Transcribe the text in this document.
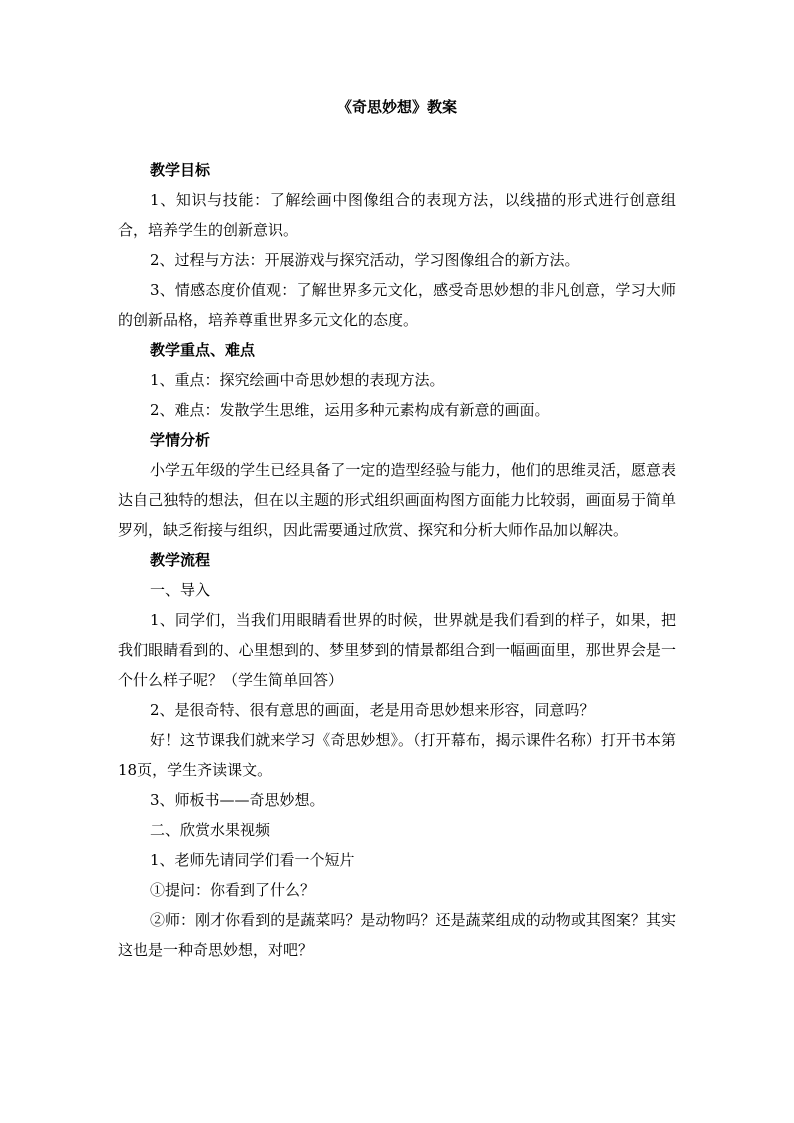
《奇思妙想》教案

教学目标

1、知识与技能：了解绘画中图像组合的表现方法，以线描的形式进行创意组合，培养学生的创新意识。

2、过程与方法：开展游戏与探究活动，学习图像组合的新方法。

3、情感态度价值观：了解世界多元文化，感受奇思妙想的非凡创意，学习大师的创新品格，培养尊重世界多元文化的态度。

教学重点、难点

1、重点：探究绘画中奇思妙想的表现方法。

2、难点：发散学生思维，运用多种元素构成有新意的画面。

学情分析

小学五年级的学生已经具备了一定的造型经验与能力，他们的思维灵活，愿意表达自己独特的想法，但在以主题的形式组织画面构图方面能力比较弱，画面易于简单罗列，缺乏衔接与组织，因此需要通过欣赏、探究和分析大师作品加以解决。

教学流程

一、导入

1、同学们，当我们用眼睛看世界的时候，世界就是我们看到的样子，如果，把我们眼睛看到的、心里想到的、梦里梦到的情景都组合到一幅画面里，那世界会是一个什么样子呢？（学生简单回答）

2、是很奇特、很有意思的画面，老是用奇思妙想来形容，同意吗？

好！这节课我们就来学习《奇思妙想》。（打开幕布，揭示课件名称）打开书本第18页，学生齐读课文。

3、师板书——奇思妙想。

二、欣赏水果视频

1、老师先请同学们看一个短片

①提问：你看到了什么？

②师：刚才你看到的是蔬菜吗？是动物吗？还是蔬菜组成的动物或其图案？其实这也是一种奇思妙想，对吧？
